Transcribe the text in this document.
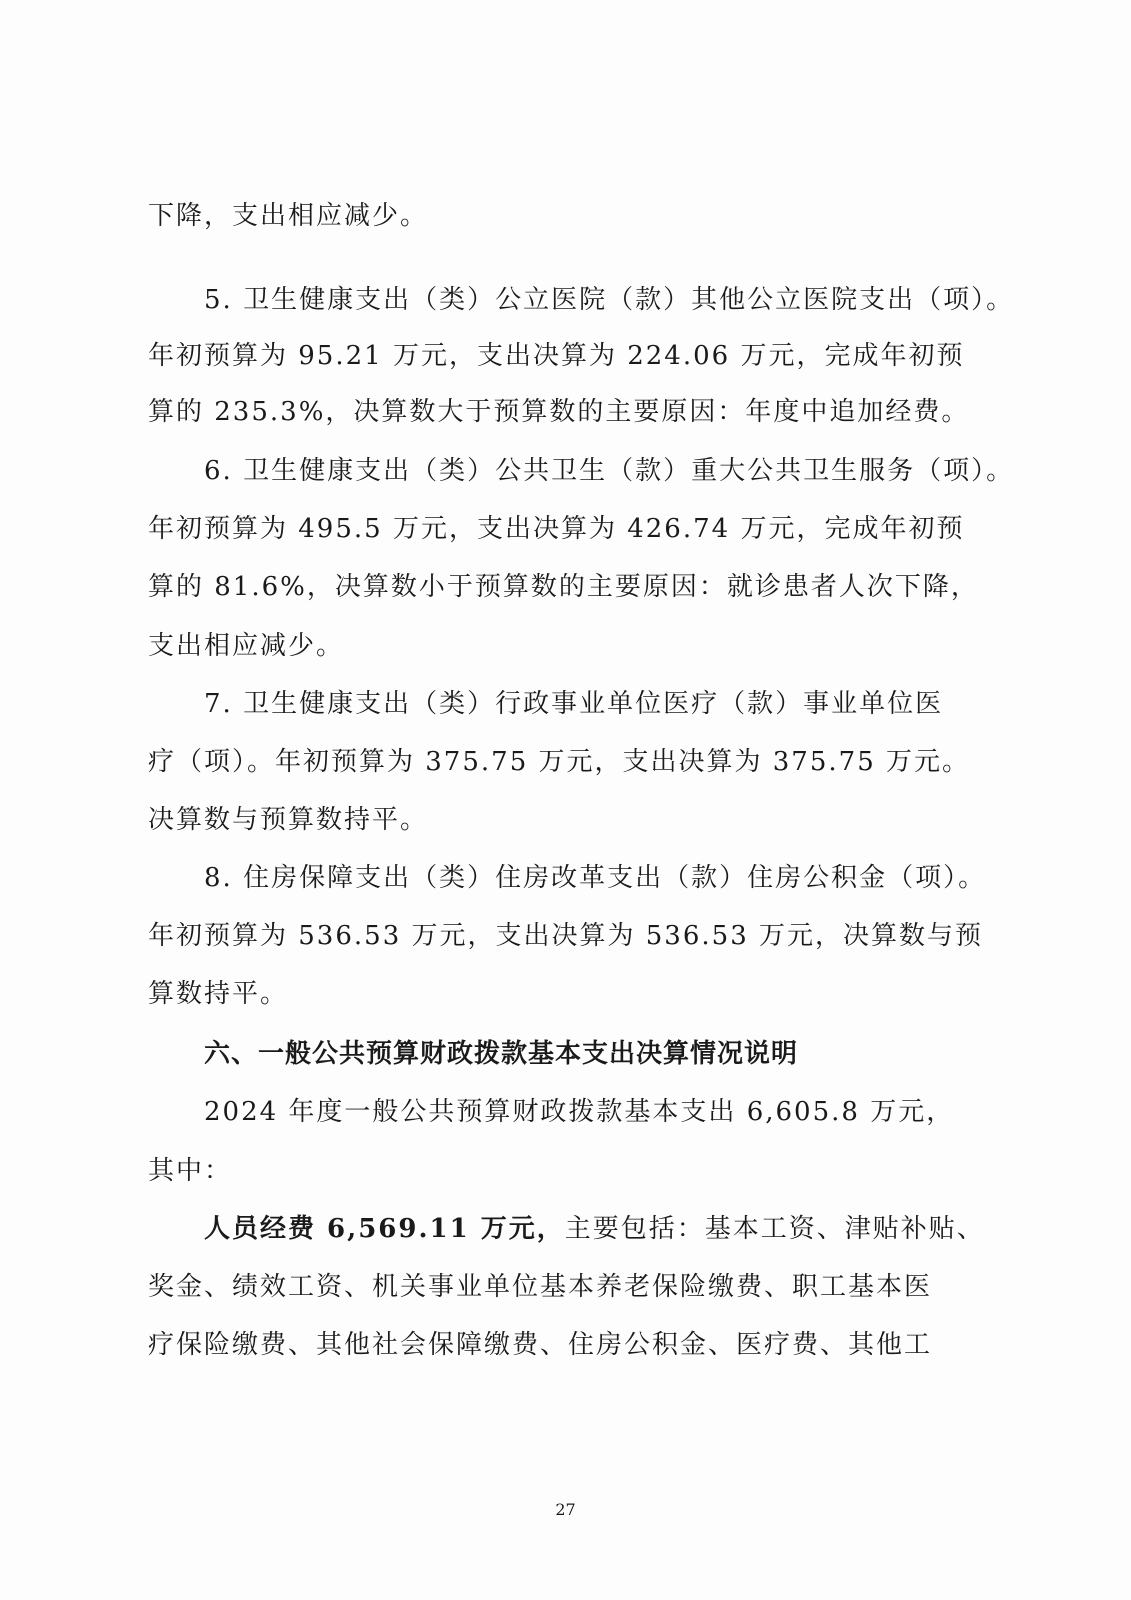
下降，支出相应减少。

5. 卫生健康支出（类）公立医院（款）其他公立医院支出（项）。

年初预算为 95.21 万元，支出决算为 224.06 万元，完成年初预

算的 235.3%，决算数大于预算数的主要原因：年度中追加经费。

6. 卫生健康支出（类）公共卫生（款）重大公共卫生服务（项）。

年初预算为 495.5 万元，支出决算为 426.74 万元，完成年初预

算的 81.6%，决算数小于预算数的主要原因：就诊患者人次下降，

支出相应减少。

7. 卫生健康支出（类）行政事业单位医疗（款）事业单位医

疗（项）。年初预算为 375.75 万元，支出决算为 375.75 万元。

决算数与预算数持平。

8. 住房保障支出（类）住房改革支出（款）住房公积金（项）。

年初预算为 536.53 万元，支出决算为 536.53 万元，决算数与预

算数持平。

六、一般公共预算财政拨款基本支出决算情况说明

2024 年度一般公共预算财政拨款基本支出 6,605.8 万元，

其中：

人员经费 6,569.11 万元，主要包括：基本工资、津贴补贴、

奖金、绩效工资、机关事业单位基本养老保险缴费、职工基本医

疗保险缴费、其他社会保障缴费、住房公积金、医疗费、其他工

27
